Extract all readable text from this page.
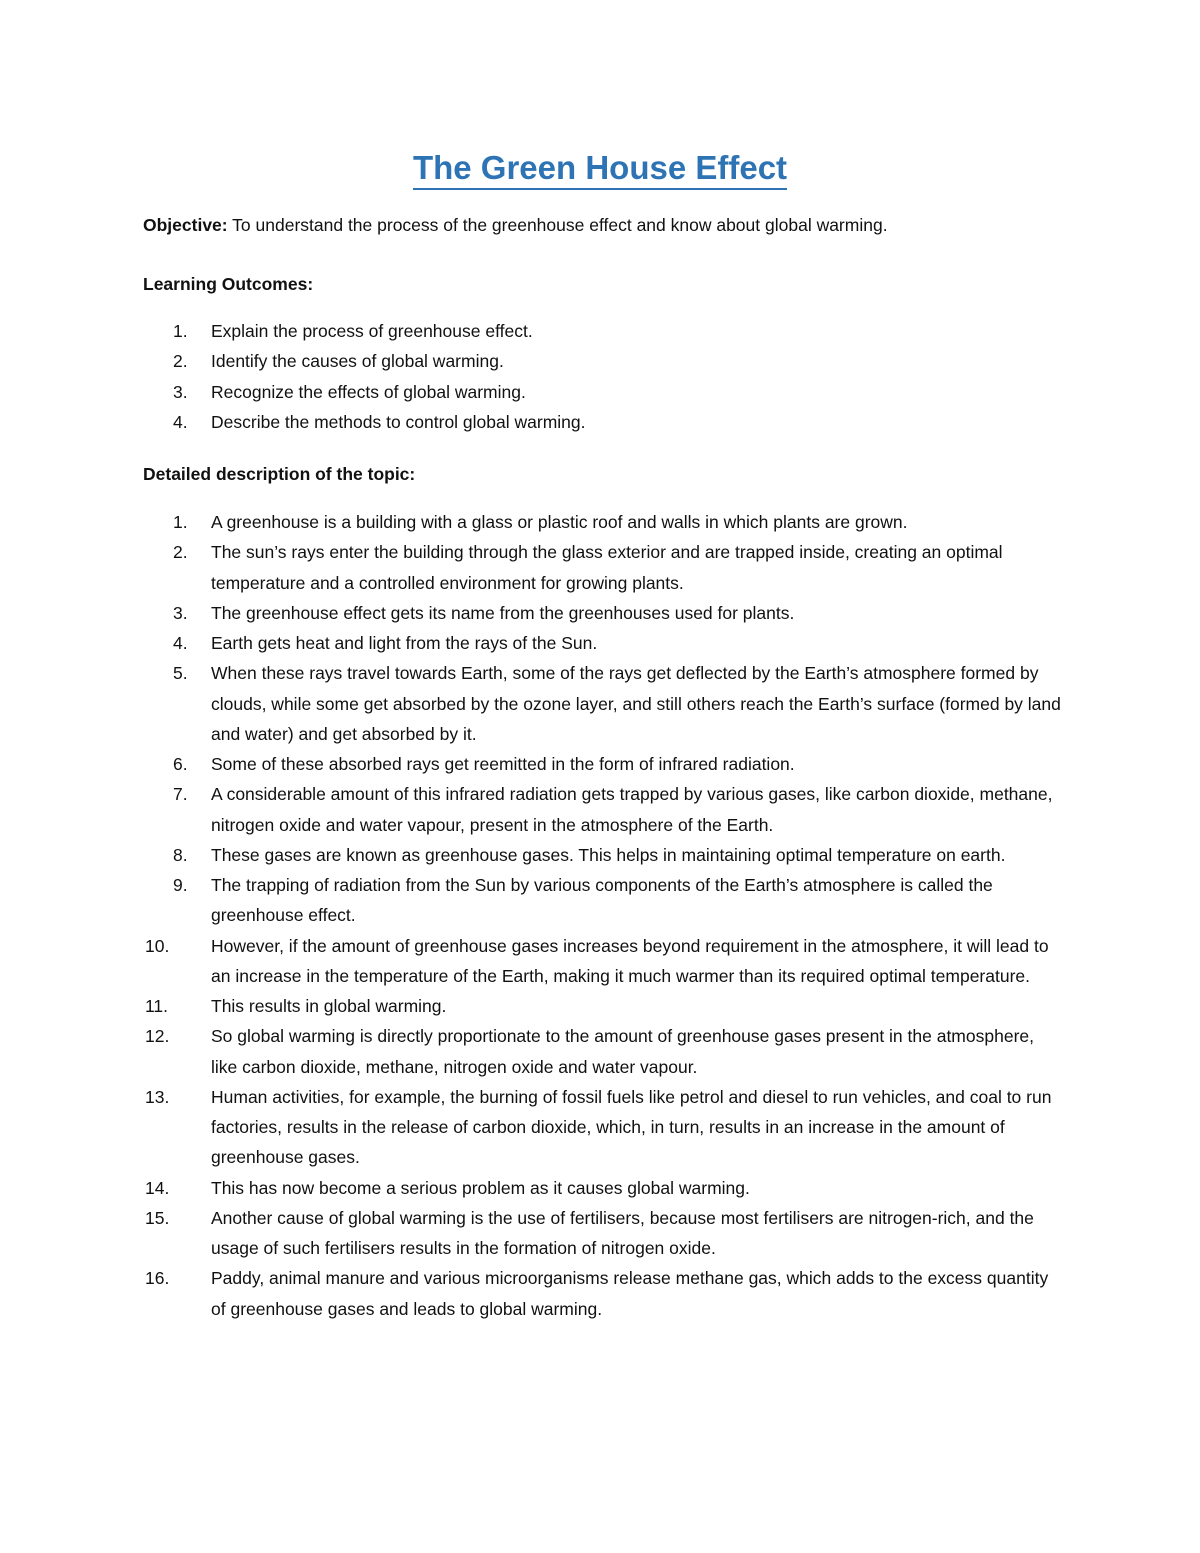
The Green House Effect

Objective: To understand the process of the greenhouse effect and know about global warming.

Learning Outcomes:

1. Explain the process of greenhouse effect.
2. Identify the causes of global warming.
3. Recognize the effects of global warming.
4. Describe the methods to control global warming.

Detailed description of the topic:

1. A greenhouse is a building with a glass or plastic roof and walls in which plants are grown.
2. The sun’s rays enter the building through the glass exterior and are trapped inside, creating an optimal temperature and a controlled environment for growing plants.
3. The greenhouse effect gets its name from the greenhouses used for plants.
4. Earth gets heat and light from the rays of the Sun.
5. When these rays travel towards Earth, some of the rays get deflected by the Earth’s atmosphere formed by clouds, while some get absorbed by the ozone layer, and still others reach the Earth’s surface (formed by land and water) and get absorbed by it.
6. Some of these absorbed rays get reemitted in the form of infrared radiation.
7. A considerable amount of this infrared radiation gets trapped by various gases, like carbon dioxide, methane, nitrogen oxide and water vapour, present in the atmosphere of the Earth.
8. These gases are known as greenhouse gases. This helps in maintaining optimal temperature on earth.
9. The trapping of radiation from the Sun by various components of the Earth’s atmosphere is called the greenhouse effect.
10. However, if the amount of greenhouse gases increases beyond requirement in the atmosphere, it will lead to an increase in the temperature of the Earth, making it much warmer than its required optimal temperature.
11. This results in global warming.
12. So global warming is directly proportionate to the amount of greenhouse gases present in the atmosphere, like carbon dioxide, methane, nitrogen oxide and water vapour.
13. Human activities, for example, the burning of fossil fuels like petrol and diesel to run vehicles, and coal to run factories, results in the release of carbon dioxide, which, in turn, results in an increase in the amount of greenhouse gases.
14. This has now become a serious problem as it causes global warming.
15. Another cause of global warming is the use of fertilisers, because most fertilisers are nitrogen-rich, and the usage of such fertilisers results in the formation of nitrogen oxide.
16. Paddy, animal manure and various microorganisms release methane gas, which adds to the excess quantity of greenhouse gases and leads to global warming.
